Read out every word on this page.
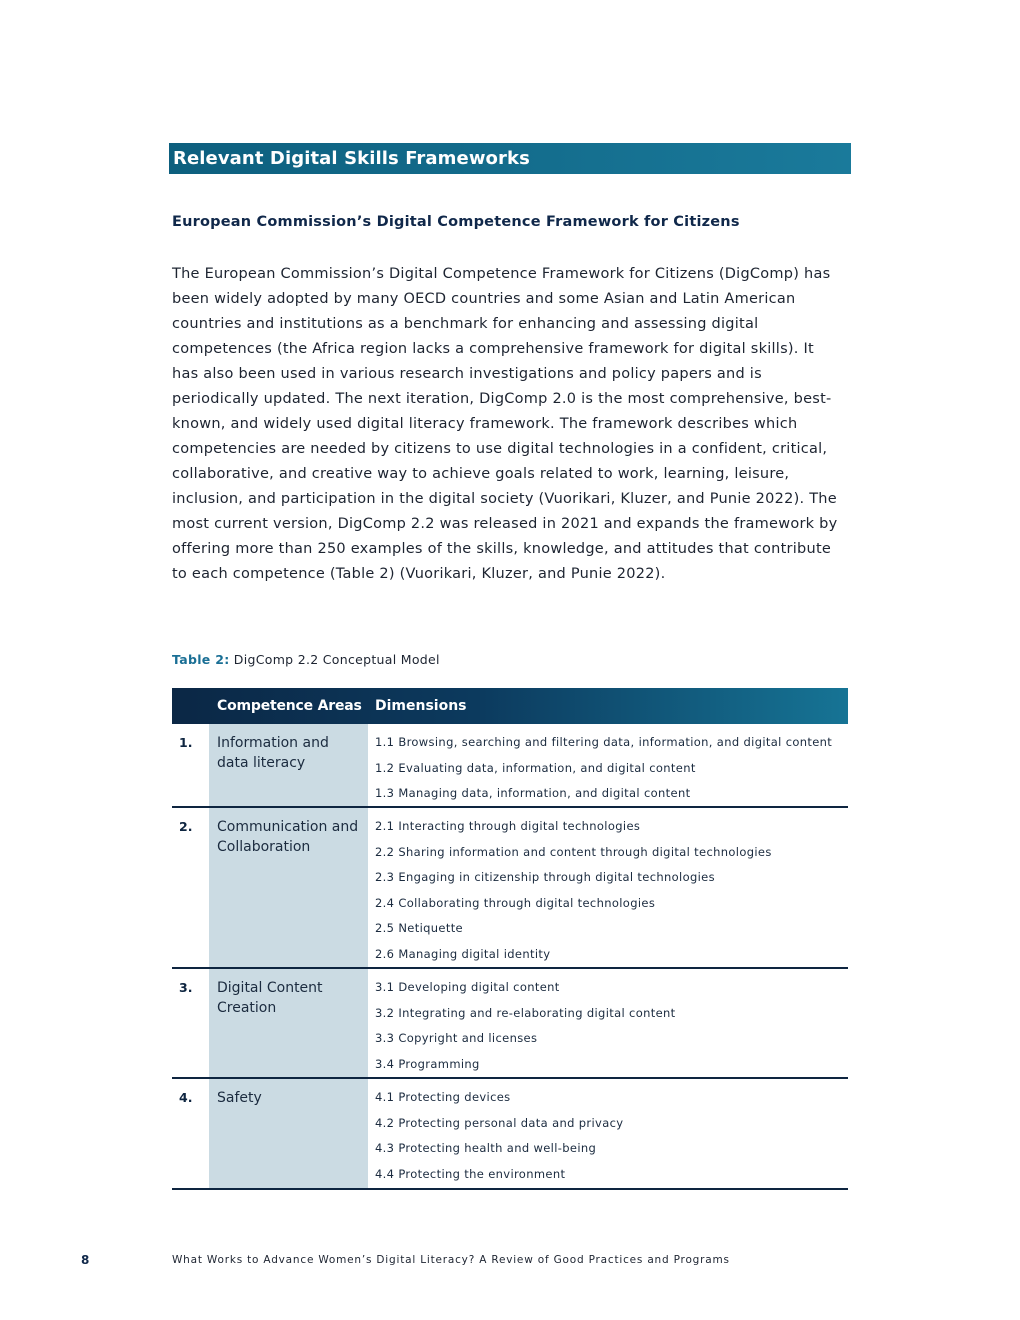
Relevant Digital Skills Frameworks
European Commission’s Digital Competence Framework for Citizens

The European Commission’s Digital Competence Framework for Citizens (DigComp) has been widely adopted by many OECD countries and some Asian and Latin American countries and institutions as a benchmark for enhancing and assessing digital competences (the Africa region lacks a comprehensive framework for digital skills). It has also been used in various research investigations and policy papers and is periodically updated. The next iteration, DigComp 2.0 is the most comprehensive, best-known, and widely used digital literacy framework. The framework describes which competencies are needed by citizens to use digital technologies in a confident, critical, collaborative, and creative way to achieve goals related to work, learning, leisure, inclusion, and participation in the digital society (Vuorikari, Kluzer, and Punie 2022). The most current version, DigComp 2.2 was released in 2021 and expands the framework by offering more than 250 examples of the skills, knowledge, and attitudes that contribute to each competence (Table 2) (Vuorikari, Kluzer, and Punie 2022).

Table 2: DigComp 2.2 Conceptual Model
Competence Areas Dimensions
1.	Information and data literacy
1.1 Browsing, searching and filtering data, information, and digital content
1.2 Evaluating data, information, and digital content
1.3 Managing data, information, and digital content
2.	Communication and Collaboration
2.1 Interacting through digital technologies
2.2 Sharing information and content through digital technologies
2.3 Engaging in citizenship through digital technologies
2.4 Collaborating through digital technologies
2.5 Netiquette
2.6 Managing digital identity
3.	Digital Content Creation
3.1 Developing digital content
3.2 Integrating and re-elaborating digital content
3.3 Copyright and licenses
3.4 Programming
4.	Safety	4.1 Protecting devices
4.2 Protecting personal data and privacy
4.3 Protecting health and well-being
4.4 Protecting the environment
8	What Works to Advance Women’s Digital Literacy? A Review of Good Practices and Programs
